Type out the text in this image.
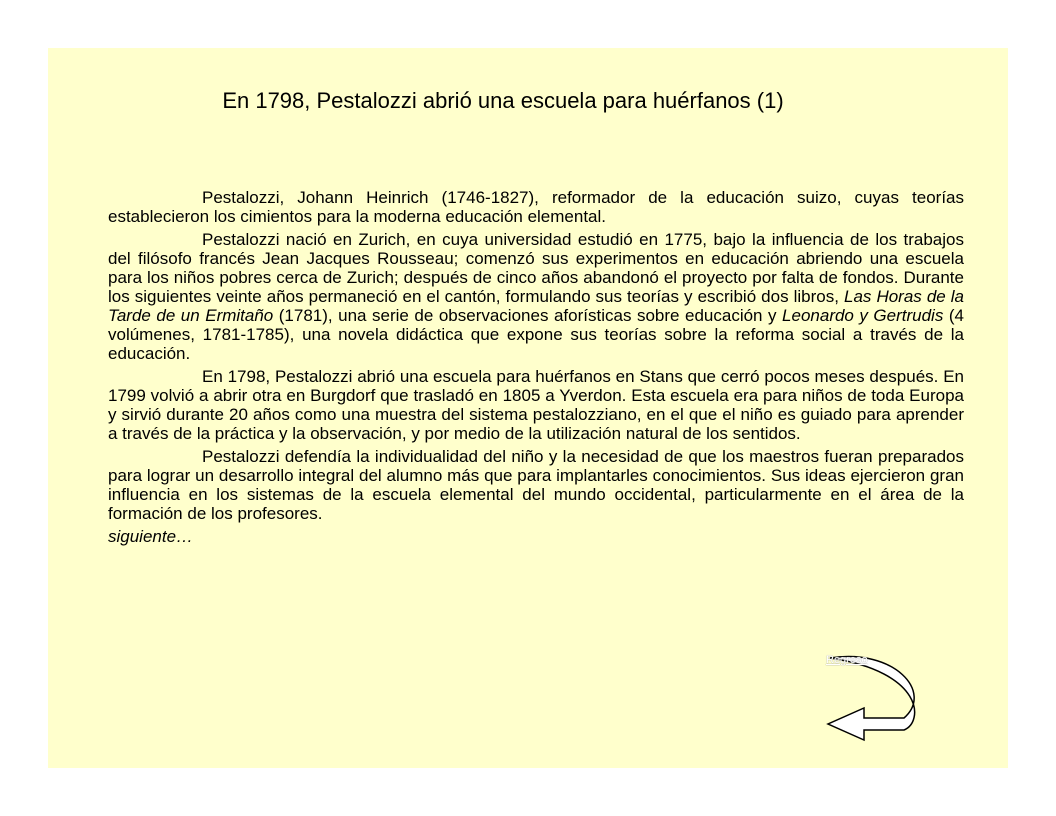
En 1798, Pestalozzi abrió una escuela para huérfanos (1)

Pestalozzi, Johann Heinrich (1746-1827), reformador de la educación suizo, cuyas teorías establecieron los cimientos para la moderna educación elemental.

Pestalozzi nació en Zurich, en cuya universidad estudió en 1775, bajo la influencia de los trabajos del filósofo francés Jean Jacques Rousseau; comenzó sus experimentos en educación abriendo una escuela para los niños pobres cerca de Zurich; después de cinco años abandonó el proyecto por falta de fondos. Durante los siguientes veinte años permaneció en el cantón, formulando sus teorías y escribió dos libros, Las Horas de la Tarde de un Ermitaño (1781), una serie de observaciones aforísticas sobre educación y Leonardo y Gertrudis (4 volúmenes, 1781-1785), una novela didáctica que expone sus teorías sobre la reforma social a través de la educación.

En 1798, Pestalozzi abrió una escuela para huérfanos en Stans que cerró pocos meses después. En 1799 volvió a abrir otra en Burgdorf que trasladó en 1805 a Yverdon. Esta escuela era para niños de toda Europa y sirvió durante 20 años como una muestra del sistema pestalozziano, en el que el niño es guiado para aprender a través de la práctica y la observación, y por medio de la utilización natural de los sentidos.

Pestalozzi defendía la individualidad del niño y la necesidad de que los maestros fueran preparados para lograr un desarrollo integral del alumno más que para implantarles conocimientos. Sus ideas ejercieron gran influencia en los sistemas de la escuela elemental del mundo occidental, particularmente en el área de la formación de los profesores.

siguiente…
Regreso
